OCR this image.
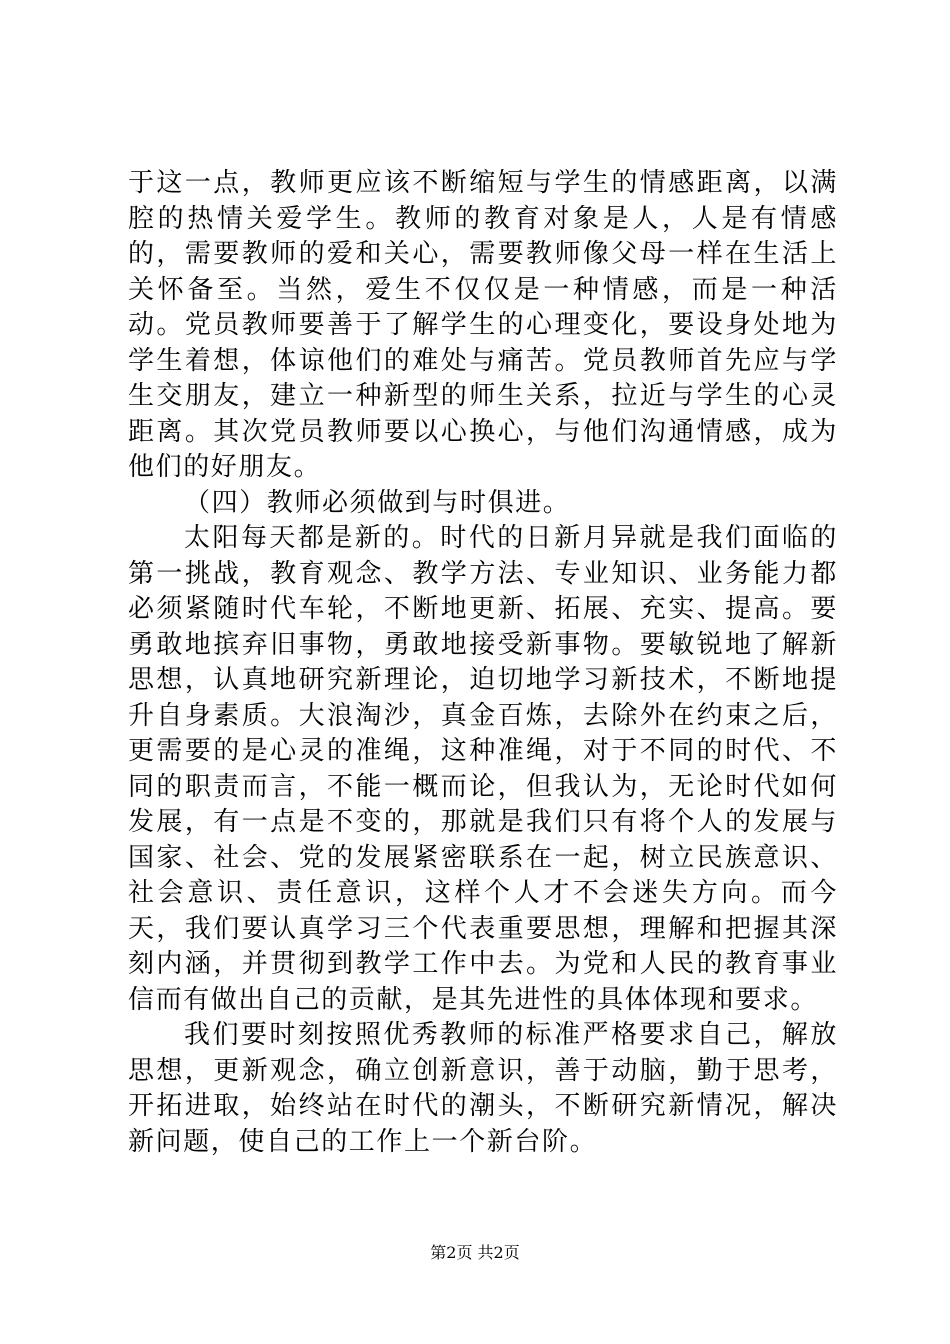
于这一点，教师更应该不断缩短与学生的情感距离，以满腔的热情关爱学生。教师的教育对象是人，人是有情感的，需要教师的爱和关心，需要教师像父母一样在生活上关怀备至。当然，爱生不仅仅是一种情感，而是一种活动。党员教师要善于了解学生的心理变化，要设身处地为学生着想，体谅他们的难处与痛苦。党员教师首先应与学生交朋友，建立一种新型的师生关系，拉近与学生的心灵距离。其次党员教师要以心换心，与他们沟通情感，成为他们的好朋友。

（四）教师必须做到与时俱进。

太阳每天都是新的。时代的日新月异就是我们面临的第一挑战，教育观念、教学方法、专业知识、业务能力都必须紧随时代车轮，不断地更新、拓展、充实、提高。要勇敢地摈弃旧事物，勇敢地接受新事物。要敏锐地了解新思想，认真地研究新理论，迫切地学习新技术，不断地提升自身素质。大浪淘沙，真金百炼，去除外在约束之后，更需要的是心灵的准绳，这种准绳，对于不同的时代、不同的职责而言，不能一概而论，但我认为，无论时代如何发展，有一点是不变的，那就是我们只有将个人的发展与国家、社会、党的发展紧密联系在一起，树立民族意识、社会意识、责任意识，这样个人才不会迷失方向。而今天，我们要认真学习三个代表重要思想，理解和把握其深刻内涵，并贯彻到教学工作中去。为党和人民的教育事业信而有做出自己的贡献，是其先进性的具体体现和要求。

我们要时刻按照优秀教师的标准严格要求自己，解放思想，更新观念，确立创新意识，善于动脑，勤于思考，开拓进取，始终站在时代的潮头，不断研究新情况，解决新问题，使自己的工作上一个新台阶。

第2页 共2页
